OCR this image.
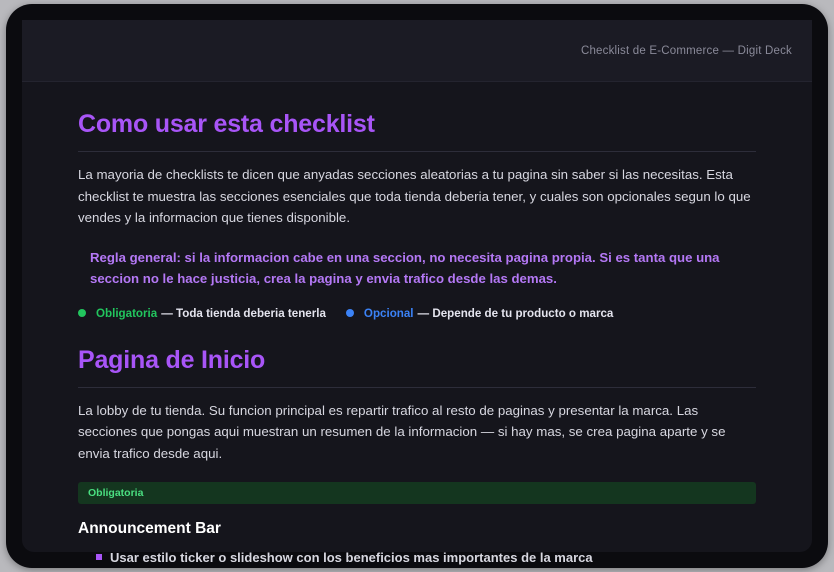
Checklist de E-Commerce — Digit Deck
Como usar esta checklist

La mayoria de checklists te dicen que anyadas secciones aleatorias a tu pagina sin saber si las necesitas. Esta checklist te muestra las secciones esenciales que toda tienda deberia tener, y cuales son opcionales segun lo que vendes y la informacion que tienes disponible.

Regla general: si la informacion cabe en una seccion, no necesita pagina propia. Si es tanta que una seccion no le hace justicia, crea la pagina y envia trafico desde las demas.

Obligatoria — Toda tienda deberia tenerla	Opcional — Depende de tu producto o marca
Pagina de Inicio

La lobby de tu tienda. Su funcion principal es repartir trafico al resto de paginas y presentar la marca. Las secciones que pongas aqui muestran un resumen de la informacion — si hay mas, se crea pagina aparte y se envia trafico desde aqui.

Obligatoria
Announcement Bar
Usar estilo ticker o slideshow con los beneficios mas importantes de la marca
